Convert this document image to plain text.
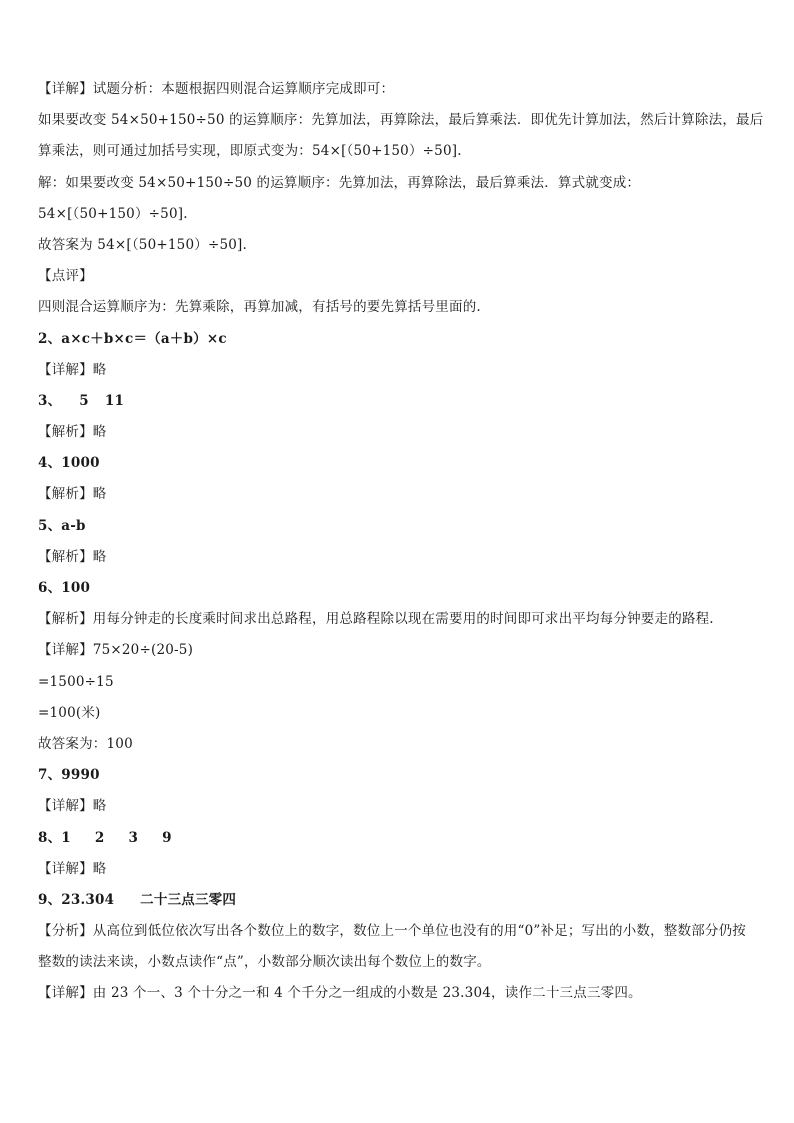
【详解】试题分析：本题根据四则混合运算顺序完成即可：
如果要改变 54×50+150÷50 的运算顺序：先算加法，再算除法，最后算乘法．即优先计算加法，然后计算除法，最后
算乘法，则可通过加括号实现，即原式变为：54×[（50+150）÷50].
解：如果要改变 54×50+150÷50 的运算顺序：先算加法，再算除法，最后算乘法．算式就变成：
54×[（50+150）÷50].
故答案为 54×[（50+150）÷50].
【点评】
四则混合运算顺序为：先算乘除，再算加减，有括号的要先算括号里面的.
2、a×c＋b×c＝（a＋b）×c
【详解】略
3、 5 11
【解析】略
4、1000
【解析】略
5、a-b
【解析】略
6、100
【解析】用每分钟走的长度乘时间求出总路程，用总路程除以现在需要用的时间即可求出平均每分钟要走的路程.
【详解】75×20÷(20-5)
=1500÷15
=100(米)
故答案为：100
7、9990
【详解】略
8、1 2 3 9
【详解】略
9、23.304 二十三点三零四
【分析】从高位到低位依次写出各个数位上的数字，数位上一个单位也没有的用“0”补足；写出的小数，整数部分仍按
整数的读法来读，小数点读作“点”，小数部分顺次读出每个数位上的数字。
【详解】由 23 个一、3 个十分之一和 4 个千分之一组成的小数是 23.304，读作二十三点三零四。
